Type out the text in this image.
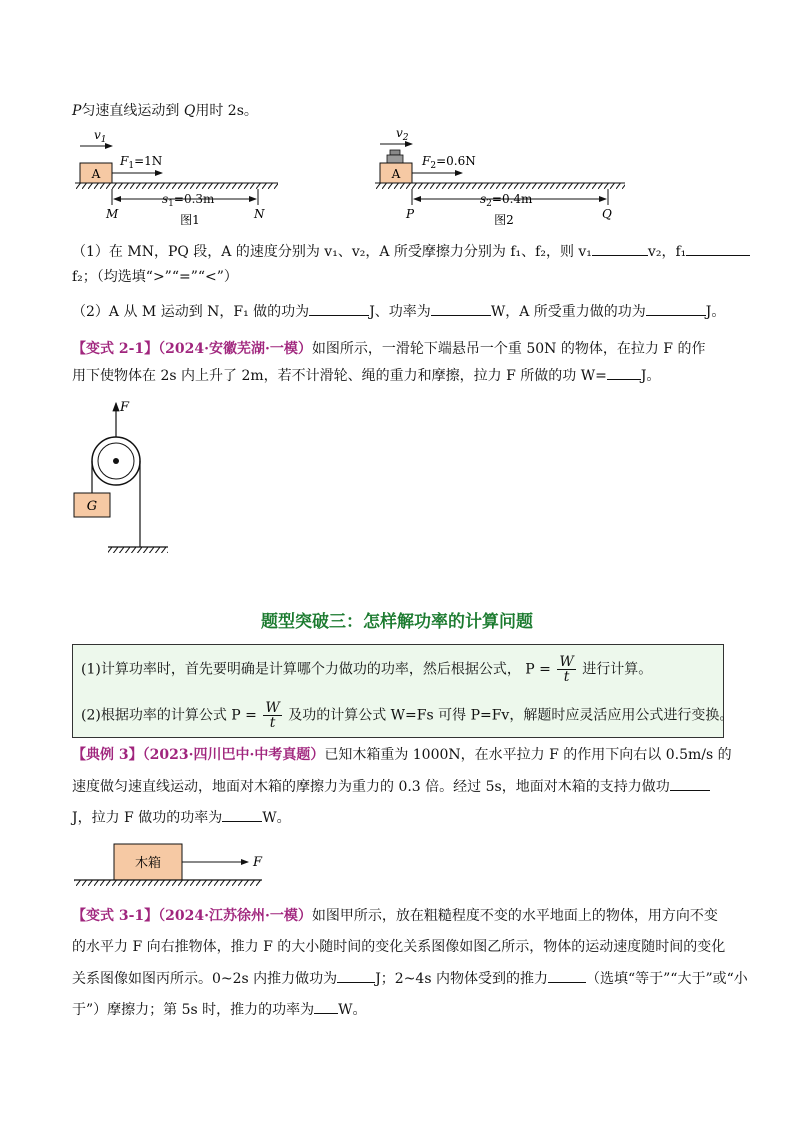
P匀速直线运动到 Q用时 2s。
$v_1$
A
$F_1=1N$
$s_1=0.3m$
M	N
图1
$v_2$
A
$F_2=0.6N$
$s_2=0.4m$
P	Q
图2
（1）在 MN，PQ 段，A 的速度分别为 v₁、v₂，A 所受摩擦力分别为 f₁、f₂，则 v₁	v₂，f₁
f₂；（均选填“>”“=”“<”）
（2）A 从 M 运动到 N，F₁ 做的功为	J、功率为	W，A 所受重力做的功为	J。
【变式 2-1】（2024·安徽芜湖·一模）如图所示，一滑轮下端悬吊一个重 50N 的物体，在拉力 F 的作
用下使物体在 2s 内上升了 2m，若不计滑轮、绳的重力和摩擦，拉力 F 所做的功 W= J。
F
G
题型突破三：怎样解功率的计算问题
(1)计算功率时，首先要明确是计算哪个力做功的功率，然后根据公式， $P = \frac{W}{t}$ 进行计算。
(2)根据功率的计算公式 $P = \frac{W}{t}$ 及功的计算公式 W=Fs 可得 P=Fv，解题时应灵活应用公式进行变换。
【典例 3】（2023·四川巴中·中考真题）已知木箱重为 1000N，在水平拉力 F 的作用下向右以 0.5m/s 的
速度做匀速直线运动，地面对木箱的摩擦力为重力的 0.3 倍。经过 5s，地面对木箱的支持力做功
J，拉力 F 做功的功率为	W。
木箱	F
【变式 3-1】（2024·江苏徐州·一模）如图甲所示，放在粗糙程度不变的水平地面上的物体，用方向不变
的水平力 F 向右推物体，推力 F 的大小随时间的变化关系图像如图乙所示，物体的运动速度随时间的变化
关系图像如图丙所示。0~2s 内推力做功为	J；2~4s 内物体受到的推力	（选填“等于”“大于”或“小
于”）摩擦力；第 5s 时，推力的功率为 W。
